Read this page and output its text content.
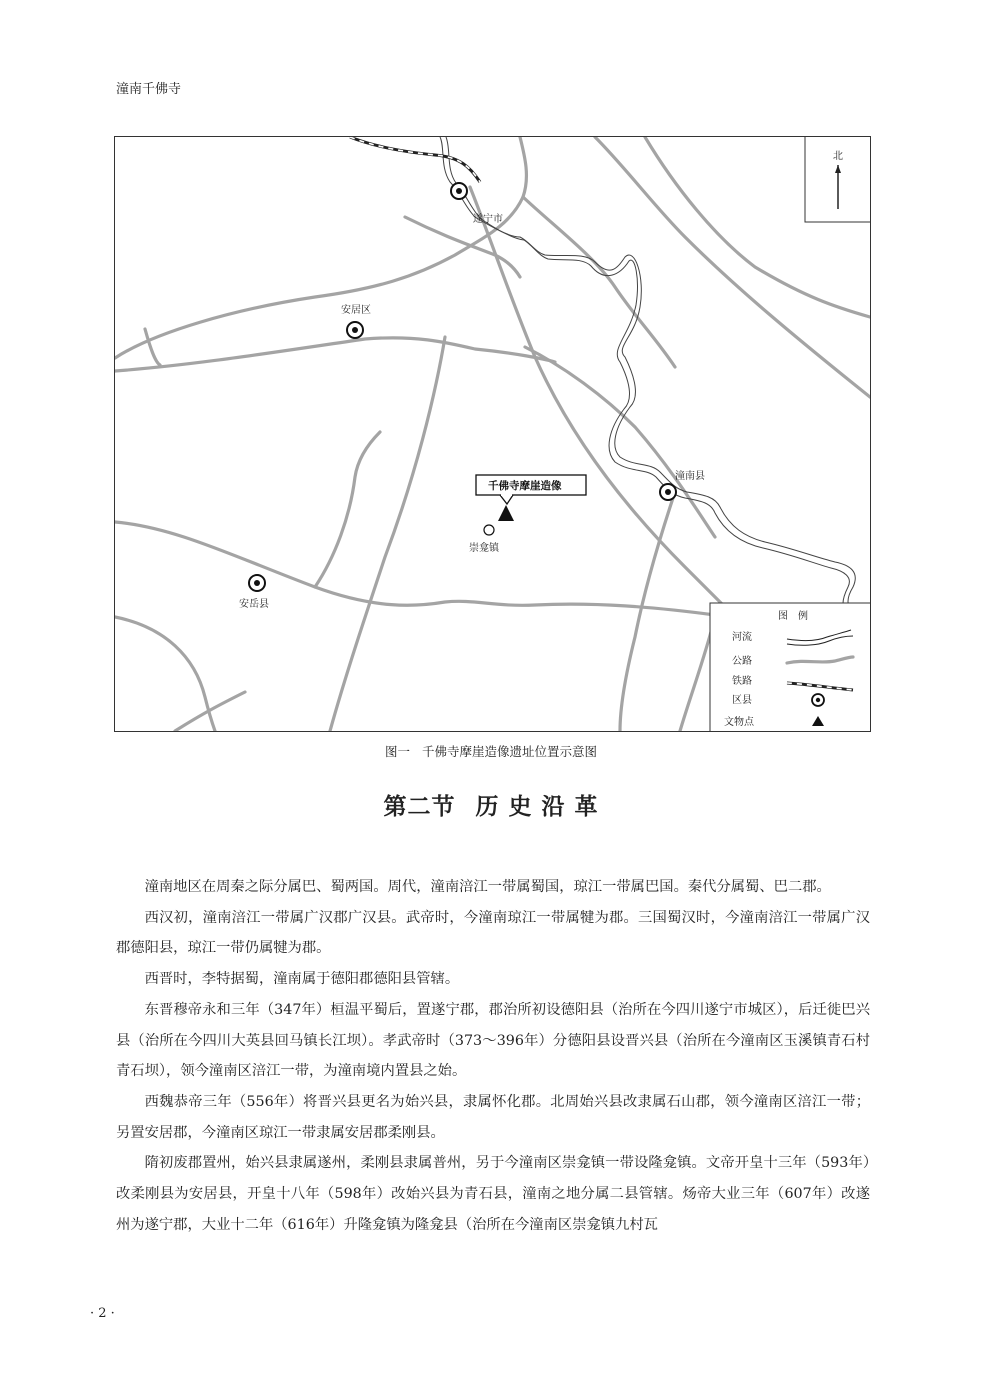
潼南千佛寺
北
遂宁市
安居区
潼南县
安岳县
崇龛镇
千佛寺摩崖造像
图　例
河流
公路
铁路
区县
文物点
图一 千佛寺摩崖造像遗址位置示意图
第二节 历 史 沿 革

潼南地区在周秦之际分属巴、蜀两国。周代，潼南涪江一带属蜀国，琼江一带属巴国。秦代分属蜀、巴二郡。

西汉初，潼南涪江一带属广汉郡广汉县。武帝时，今潼南琼江一带属犍为郡。三国蜀汉时，今潼南涪江一带属广汉郡德阳县，琼江一带仍属犍为郡。

西晋时，李特据蜀，潼南属于德阳郡德阳县管辖。

东晋穆帝永和三年（347年）桓温平蜀后，置遂宁郡，郡治所初设德阳县（治所在今四川遂宁市城区），后迁徙巴兴县（治所在今四川大英县回马镇长江坝）。孝武帝时（373～396年）分德阳县设晋兴县（治所在今潼南区玉溪镇青石村青石坝），领今潼南区涪江一带，为潼南境内置县之始。

西魏恭帝三年（556年）将晋兴县更名为始兴县，隶属怀化郡。北周始兴县改隶属石山郡，领今潼南区涪江一带；另置安居郡，今潼南区琼江一带隶属安居郡柔刚县。

隋初废郡置州，始兴县隶属遂州，柔刚县隶属普州，另于今潼南区崇龛镇一带设隆龛镇。文帝开皇十三年（593年）改柔刚县为安居县，开皇十八年（598年）改始兴县为青石县，潼南之地分属二县管辖。炀帝大业三年（607年）改遂州为遂宁郡，大业十二年（616年）升隆龛镇为隆龛县（治所在今潼南区崇龛镇九村瓦

· 2 ·
